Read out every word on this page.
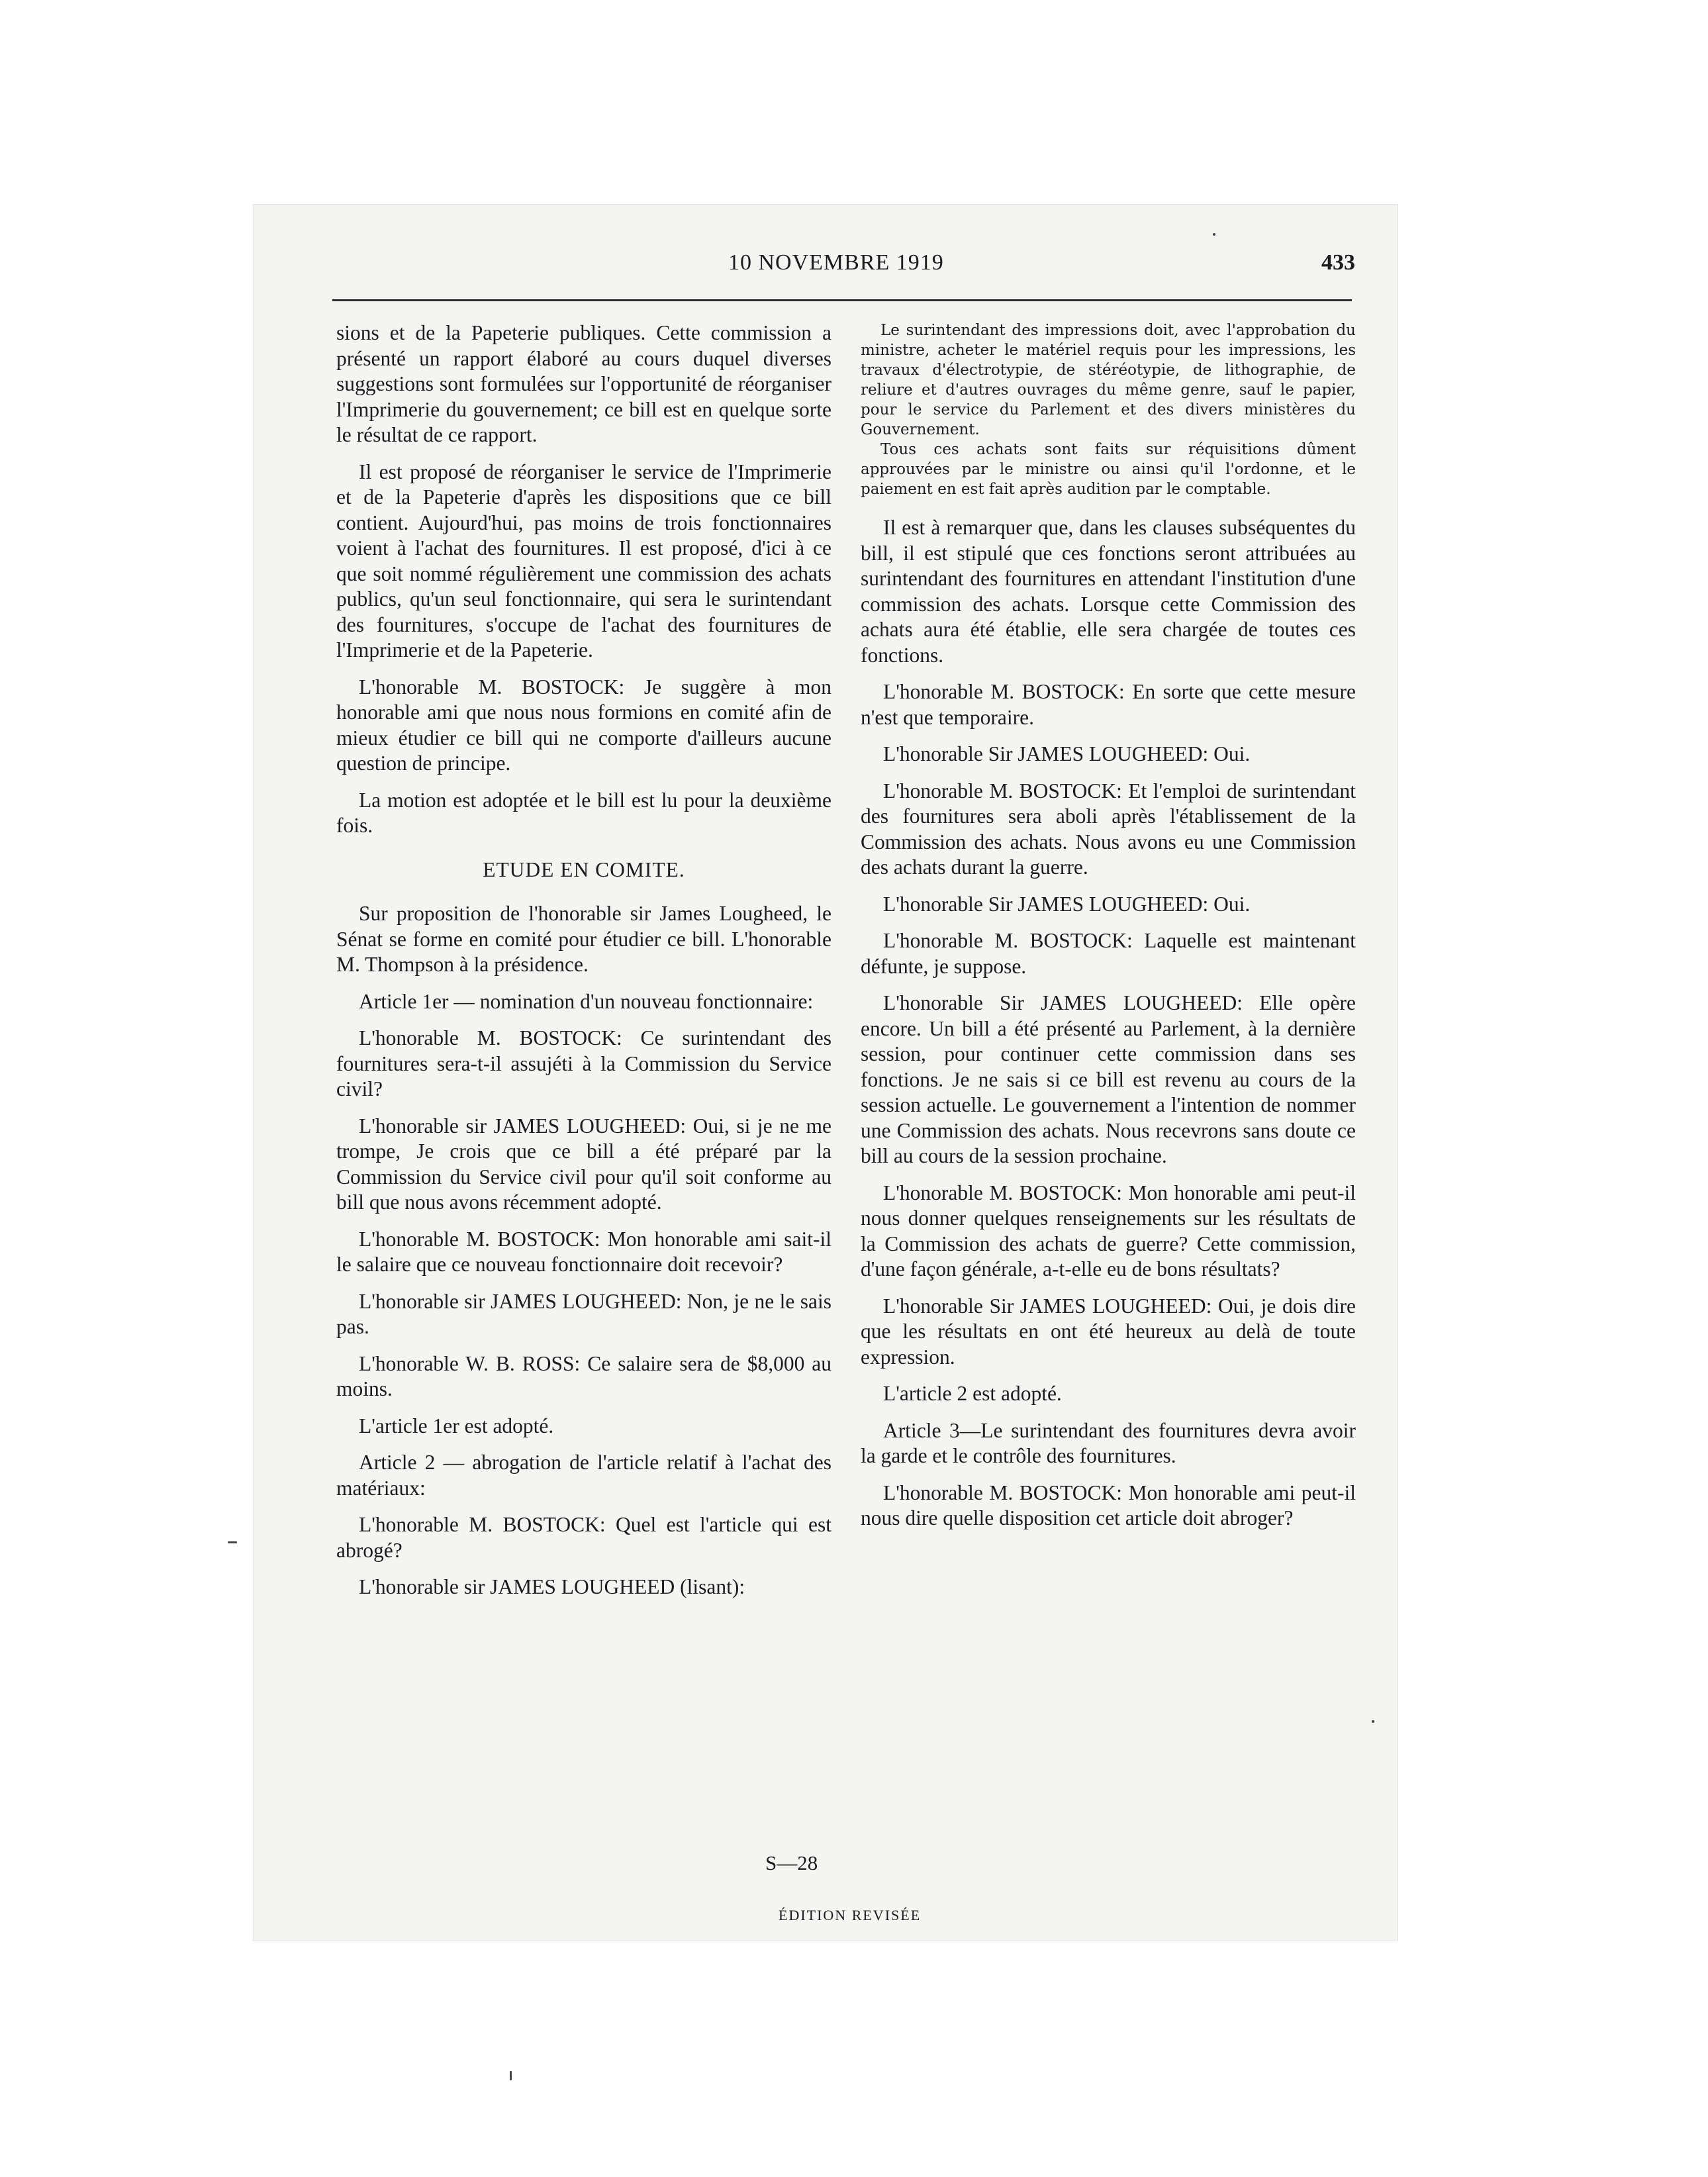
10 NOVEMBRE 1919	433

sions et de la Papeterie publiques. Cette commission a présenté un rapport élaboré au cours duquel diverses suggestions sont formulées sur l'opportunité de réorganiser l'Imprimerie du gouvernement; ce bill est en quelque sorte le résultat de ce rapport.

Il est proposé de réorganiser le service de l'Imprimerie et de la Papeterie d'après les dispositions que ce bill contient. Aujourd'hui, pas moins de trois fonctionnaires voient à l'achat des fournitures. Il est proposé, d'ici à ce que soit nommé régulièrement une commission des achats publics, qu'un seul fonctionnaire, qui sera le surintendant des fournitures, s'occupe de l'achat des fournitures de l'Imprimerie et de la Papeterie.

L'honorable M. BOSTOCK: Je suggère à mon honorable ami que nous nous formions en comité afin de mieux étudier ce bill qui ne comporte d'ailleurs aucune question de principe.

La motion est adoptée et le bill est lu pour la deuxième fois.

ETUDE EN COMITE.

Sur proposition de l'honorable sir James Lougheed, le Sénat se forme en comité pour étudier ce bill. L'honorable M. Thompson à la présidence.

Article 1er — nomination d'un nouveau fonctionnaire:

L'honorable M. BOSTOCK: Ce surintendant des fournitures sera-t-il assujéti à la Commission du Service civil?

L'honorable sir JAMES LOUGHEED: Oui, si je ne me trompe, Je crois que ce bill a été préparé par la Commission du Service civil pour qu'il soit conforme au bill que nous avons récemment adopté.

L'honorable M. BOSTOCK: Mon honorable ami sait-il le salaire que ce nouveau fonctionnaire doit recevoir?

L'honorable sir JAMES LOUGHEED: Non, je ne le sais pas.

L'honorable W. B. ROSS: Ce salaire sera de $8,000 au moins.

L'article 1er est adopté.

Article 2 — abrogation de l'article relatif à l'achat des matériaux:

L'honorable M. BOSTOCK: Quel est l'article qui est abrogé?

L'honorable sir JAMES LOUGHEED (lisant):

Le surintendant des impressions doit, avec l'approbation du ministre, acheter le matériel requis pour les impressions, les travaux d'électrotypie, de stéréotypie, de lithographie, de reliure et d'autres ouvrages du même genre, sauf le papier, pour le service du Parlement et des divers ministères du Gouvernement.

Tous ces achats sont faits sur réquisitions dûment approuvées par le ministre ou ainsi qu'il l'ordonne, et le paiement en est fait après audition par le comptable.

Il est à remarquer que, dans les clauses subséquentes du bill, il est stipulé que ces fonctions seront attribuées au surintendant des fournitures en attendant l'institution d'une commission des achats. Lorsque cette Commission des achats aura été établie, elle sera chargée de toutes ces fonctions.

L'honorable M. BOSTOCK: En sorte que cette mesure n'est que temporaire.

L'honorable Sir JAMES LOUGHEED: Oui.

L'honorable M. BOSTOCK: Et l'emploi de surintendant des fournitures sera aboli après l'établissement de la Commission des achats. Nous avons eu une Commission des achats durant la guerre.

L'honorable Sir JAMES LOUGHEED: Oui.

L'honorable M. BOSTOCK: Laquelle est maintenant défunte, je suppose.

L'honorable Sir JAMES LOUGHEED: Elle opère encore. Un bill a été présenté au Parlement, à la dernière session, pour continuer cette commission dans ses fonctions. Je ne sais si ce bill est revenu au cours de la session actuelle. Le gouvernement a l'intention de nommer une Commission des achats. Nous recevrons sans doute ce bill au cours de la session prochaine.

L'honorable M. BOSTOCK: Mon honorable ami peut-il nous donner quelques renseignements sur les résultats de la Commission des achats de guerre? Cette commission, d'une façon générale, a-t-elle eu de bons résultats?

L'honorable Sir JAMES LOUGHEED: Oui, je dois dire que les résultats en ont été heureux au delà de toute expression.

L'article 2 est adopté.

Article 3—Le surintendant des fournitures devra avoir la garde et le contrôle des fournitures.

L'honorable M. BOSTOCK: Mon honorable ami peut-il nous dire quelle disposition cet article doit abroger?

S—28
ÉDITION REVISÉE
